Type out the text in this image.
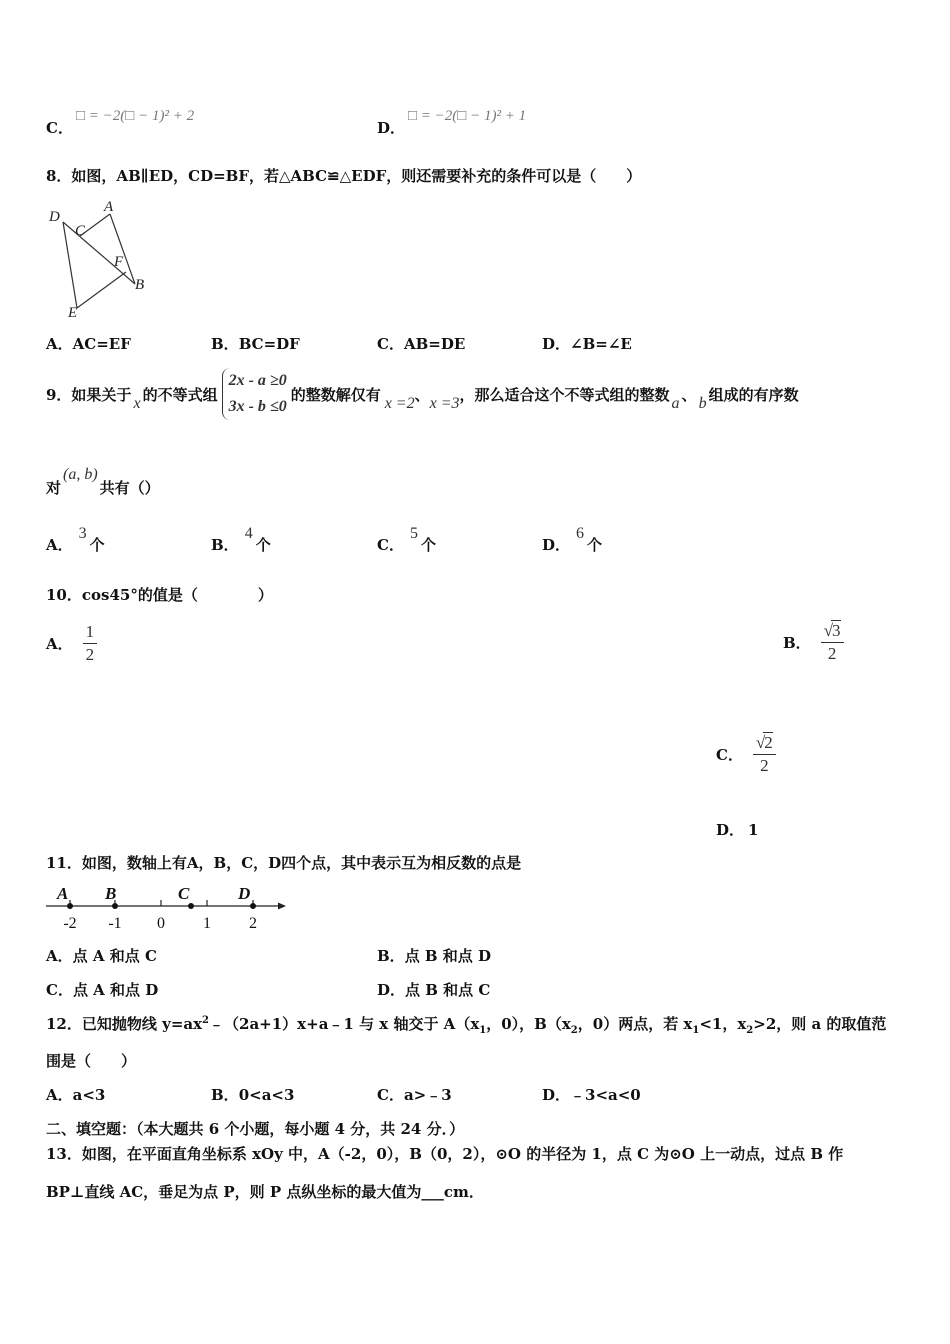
C．
□ = −2(□ − 1)² + 2
D．
□ = −2(□ − 1)² + 1
8．如图，AB∥ED，CD=BF，若△ABC≌△EDF，则还需要补充的条件可以是（　　）
D
C
A
F
B
E
A．AC=EF	B．BC=DF	C．AB=DE	D．∠B=∠E
9．如果关于 x 的不等式组
2x - a ≥0
3x - b ≤0
的整数解仅有 x =2 、 x =3 ，那么适合这个不等式组的整数 a 、 b 组成的有序数
对
(a, b)
共有（）
A．
3
个	B．
4
个	C．
5
个	D．
6
个
10．cos45°的值是（　　　　）
A． $\frac{1}{2}$	B． $\frac{√3}{2}$
C． $\frac{√2}{2}$
D． 1
11．如图，数轴上有A，B，C，D四个点，其中表示互为相反数的点是
A B	C	D
-2 -1 0 1 2
A．点 A 和点 C	B．点 B 和点 D
C．点 A 和点 D	D．点 B 和点 C
12．已知抛物线 $y=ax^2﹣(2a+1)x+a﹣1$ 与 x 轴交于 $A(x_1$，0），$B(x_2$，0）两点，若 $x_1<1$，$x_2>2$，则 a 的取值范
围是（　　）
A．a<3	B．0<a<3	C．a>﹣3	D．﹣3<a<0
二、填空题：（本大题共 6 个小题，每小题 4 分，共 24 分．）
13．如图，在平面直角坐标系 xOy 中，A（-2，0），B（0，2），⊙O 的半径为 1，点 C 为⊙O 上一动点，过点 B 作
BP⊥直线 AC，垂足为点 P，则 P 点纵坐标的最大值为___cm．
